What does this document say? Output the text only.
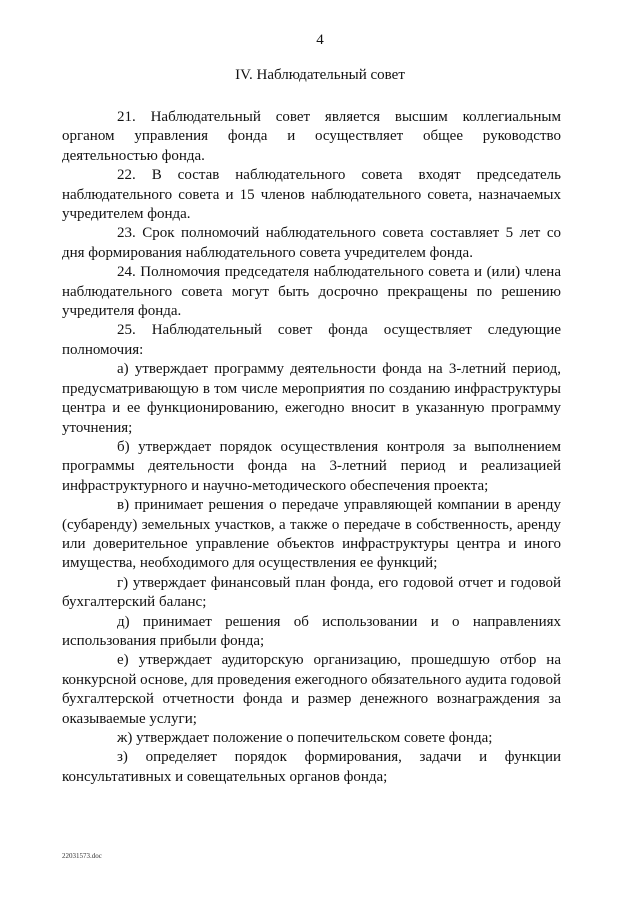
4
IV. Наблюдательный совет

21. Наблюдательный совет является высшим коллегиальным органом управления фонда и осуществляет общее руководство деятельностью фонда.

22. В состав наблюдательного совета входят председатель наблюдательного совета и 15 членов наблюдательного совета, назначаемых учредителем фонда.

23. Срок полномочий наблюдательного совета составляет 5 лет со дня формирования наблюдательного совета учредителем фонда.

24. Полномочия председателя наблюдательного совета и (или) члена наблюдательного совета могут быть досрочно прекращены по решению учредителя фонда.

25. Наблюдательный совет фонда осуществляет следующие полномочия:

а) утверждает программу деятельности фонда на 3-летний период, предусматривающую в том числе мероприятия по созданию инфраструктуры центра и ее функционированию, ежегодно вносит в указанную программу уточнения;

б) утверждает порядок осуществления контроля за выполнением программы деятельности фонда на 3-летний период и реализацией инфраструктурного и научно-методического обеспечения проекта;

в) принимает решения о передаче управляющей компании в аренду (субаренду) земельных участков, а также о передаче в собственность, аренду или доверительное управление объектов инфраструктуры центра и иного имущества, необходимого для осуществления ее функций;

г) утверждает финансовый план фонда, его годовой отчет и годовой бухгалтерский баланс;

д) принимает решения об использовании и о направлениях использования прибыли фонда;

е) утверждает аудиторскую организацию, прошедшую отбор на конкурсной основе, для проведения ежегодного обязательного аудита годовой бухгалтерской отчетности фонда и размер денежного вознаграждения за оказываемые услуги;

ж) утверждает положение о попечительском совете фонда;

з) определяет порядок формирования, задачи и функции консультативных и совещательных органов фонда;

22031573.doc
